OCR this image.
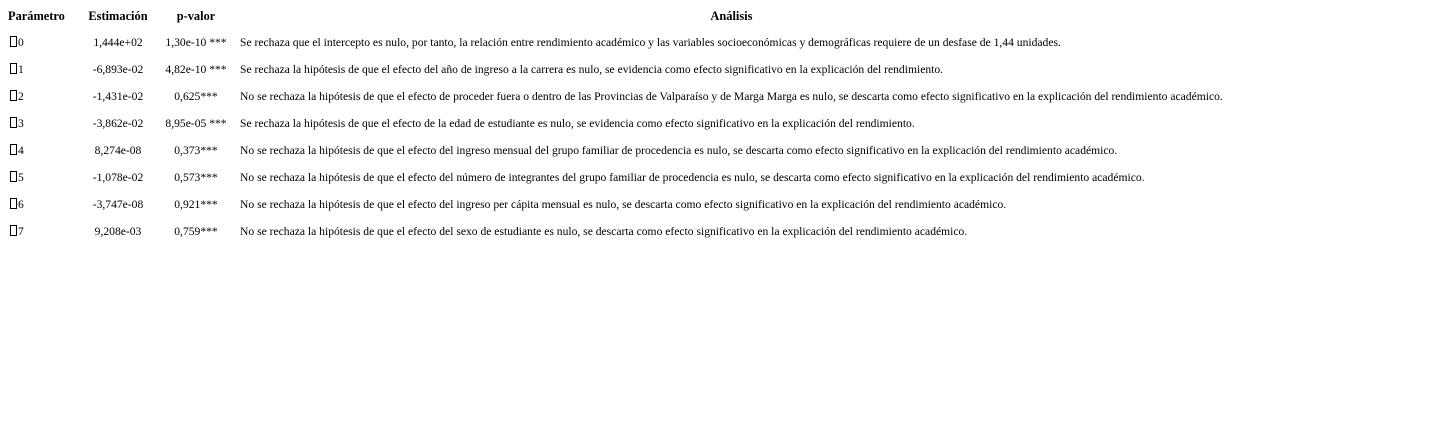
Parámetro	Estimación	p-valor	Análisis
0	1,444e+02	1,30e-10 ***	Se rechaza que el intercepto es nulo, por tanto, la relación entre rendimiento académico y las variables socioeconómicas y demográficas requiere de un desfase de 1,44 unidades.
1	-6,893e-02	4,82e-10 ***	Se rechaza la hipótesis de que el efecto del año de ingreso a la carrera es nulo, se evidencia como efecto significativo en la explicación del rendimiento.
2	-1,431e-02	0,625***	No se rechaza la hipótesis de que el efecto de proceder fuera o dentro de las Provincias de Valparaíso y de Marga Marga es nulo, se descarta como efecto significativo en la explicación del rendimiento académico.
3	-3,862e-02	8,95e-05 ***	Se rechaza la hipótesis de que el efecto de la edad de estudiante es nulo, se evidencia como efecto significativo en la explicación del rendimiento.
4	8,274e-08	0,373***	No se rechaza la hipótesis de que el efecto del ingreso mensual del grupo familiar de procedencia es nulo, se descarta como efecto significativo en la explicación del rendimiento académico.
5	-1,078e-02	0,573***	No se rechaza la hipótesis de que el efecto del número de integrantes del grupo familiar de procedencia es nulo, se descarta como efecto significativo en la explicación del rendimiento académico.
6	-3,747e-08	0,921***	No se rechaza la hipótesis de que el efecto del ingreso per cápita mensual es nulo, se descarta como efecto significativo en la explicación del rendimiento académico.
7	9,208e-03	0,759***	No se rechaza la hipótesis de que el efecto del sexo de estudiante es nulo, se descarta como efecto significativo en la explicación del rendimiento académico.
